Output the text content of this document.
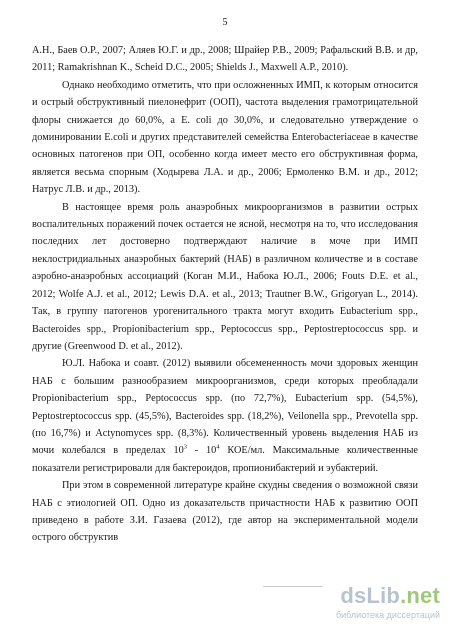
5

А.Н., Баев О.Р., 2007; Аляев Ю.Г. и др., 2008; Шрайер Р.В., 2009; Рафальский В.В. и др, 2011; Ramakrishnan K., Scheid D.C., 2005; Shields J., Maxwell A.P., 2010).

Однако необходимо отметить, что при осложненных ИМП, к которым относится и острый обструктивный пиелонефрит (ООП), частота выделения грамотрицательной флоры снижается до 60,0%, а E. coli до 30,0%, и следовательно утверждение о доминировании E.coli и других представителей семейства Enterobacteriaceae в качестве основных патогенов при ОП, особенно когда имеет место его обструктивная форма, является весьма спорным (Ходырева Л.А. и др., 2006; Ермоленко В.М. и др., 2012; Натрус Л.В. и др., 2013).

В настоящее время роль анаэробных микроорганизмов в развитии острых воспалительных поражений почек остается не ясной, несмотря на то, что исследования последних лет достоверно подтверждают наличие в моче при ИМП неклостридиальных анаэробных бактерий (НАБ) в различном количестве и в составе аэробно-анаэробных ассоциаций (Коган М.И., Набока Ю.Л., 2006; Fouts D.E. et al., 2012; Wolfe A.J. et al., 2012; Lewis D.A. et al., 2013; Trautner B.W., Grigoryan L., 2014). Так, в группу патогенов урогенитального тракта могут входить Eubacterium spp., Bacteroides spp., Propionibacterium spp., Peptococcus spp., Peptostreptococcus spp. и другие (Greenwood D. et al., 2012).

Ю.Л. Набока и соавт. (2012) выявили обсемененность мочи здоровых женщин НАБ с большим разнообразием микроорганизмов, среди которых преобладали Propionibacterium spp., Peptococcus spp. (по 72,7%), Eubacterium spp. (54,5%), Peptostreptococcus spp. (45,5%), Bacteroides spp. (18,2%), Veilonella spp., Prevotella spp. (по 16,7%) и Actynomyces spp. (8,3%). Количественный уровень выделения НАБ из мочи колебался в пределах $10^3 - 10^4$ КОЕ/мл. Максимальные количественные показатели регистрировали для бактероидов, пропионибактерий и эубактерий.

При этом в современной литературе крайне скудны сведения о возможной связи НАБ с этиологией ОП. Одно из доказательств причастности НАБ к развитию ООП приведено в работе З.И. Газаева (2012), где автор на экспериментальной модели острого обструктив

dsLib.net
библиотека диссертаций
